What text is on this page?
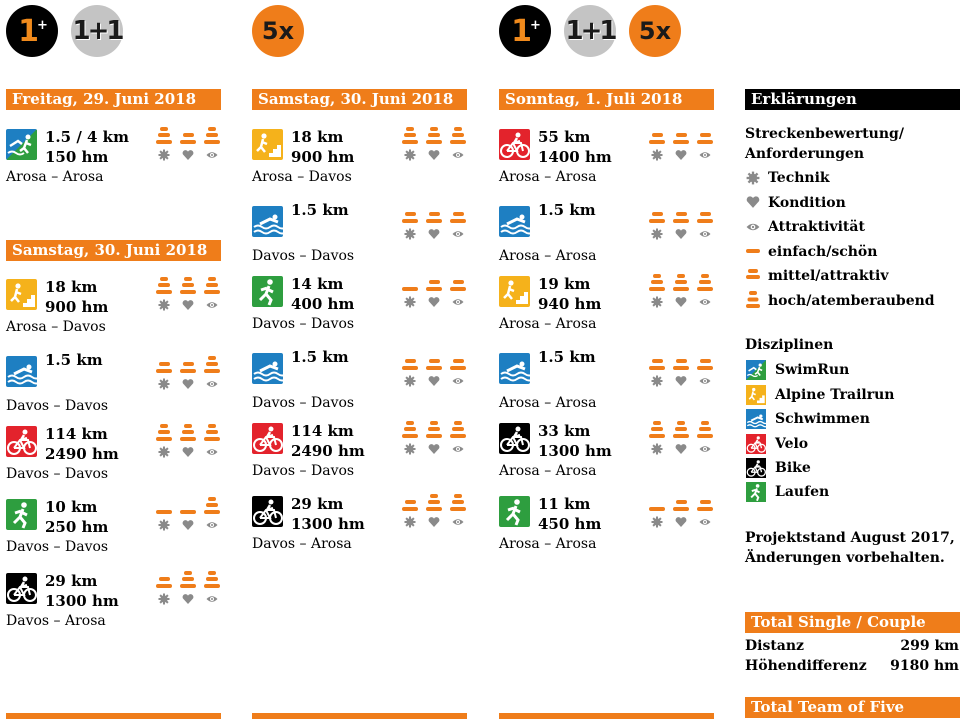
1+ 1+1	5x	1+ 1+1 5x
Freitag, 29. Juni 2018
Samstag, 30. Juni 2018
Samstag, 30. Juni 2018	Sonntag, 1. Juli 2018	Erklärungen
1.5 / 4 km
150 hm
Arosa – Arosa
18 km
900 hm
Arosa – Davos
1.5 km
Davos – Davos
114 km
2490 hm
Davos – Davos
10 km
250 hm
Davos – Davos
29 km
1300 hm
Davos – Arosa
18 km
900 hm
Arosa – Davos
1.5 km
Davos – Davos
14 km
400 hm
Davos – Davos
1.5 km
Davos – Davos
114 km
2490 hm
Davos – Davos
29 km
1300 hm
Davos – Arosa
55 km
1400 hm
Arosa – Arosa
1.5 km
Arosa – Arosa
19 km
940 hm
Arosa – Arosa
1.5 km
Arosa – Arosa
33 km
1300 hm
Arosa – Arosa
11 km
450 hm
Arosa – Arosa
Streckenbewertung/
Anforderungen
Technik
Kondition
Attraktivität
einfach/schön
mittel/attraktiv
hoch/atemberaubend
Disziplinen
SwimRun
Alpine Trailrun
Schwimmen
Velo
Bike
Laufen
Projektstand August 2017,
Änderungen vorbehalten.
Total Single / Couple
Distanz	299 km
Höhendifferenz 9180 hm
Total Team of Five
